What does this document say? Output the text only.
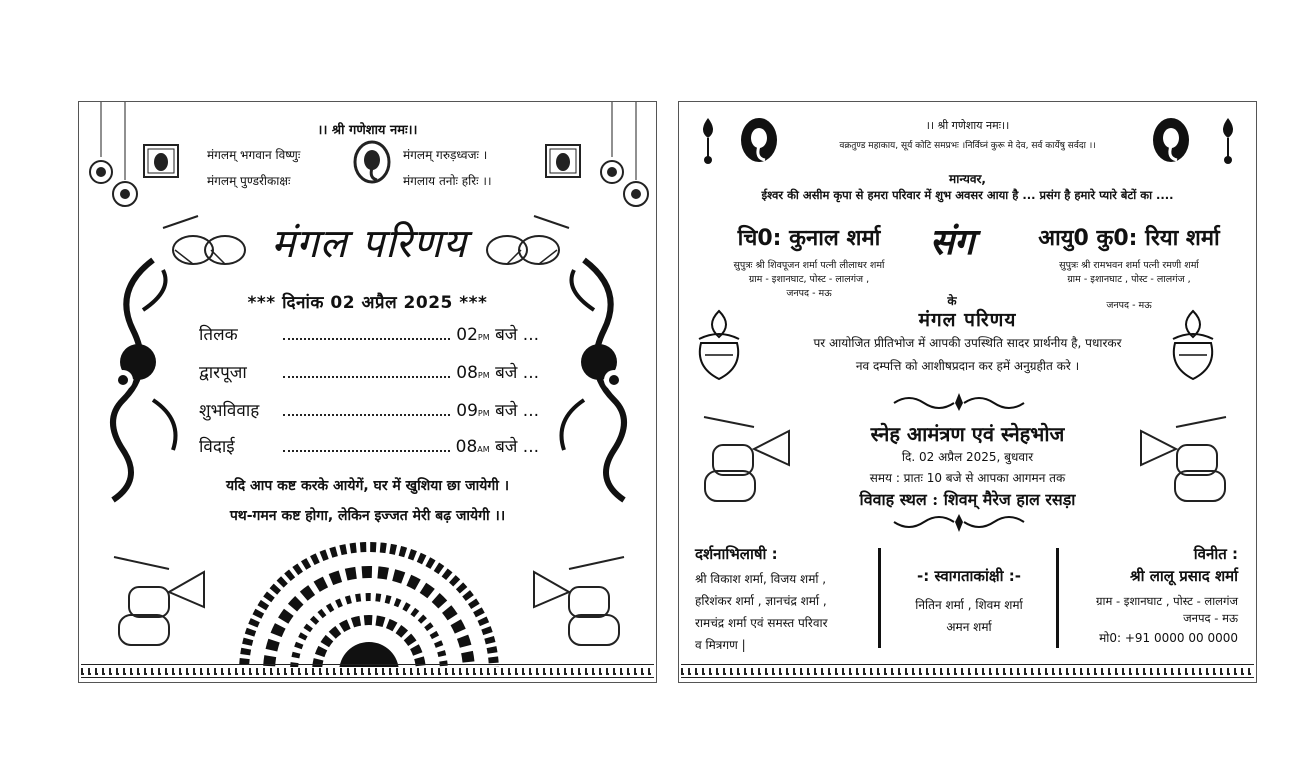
।। श्री गणेशाय नमः।।
मंगलम् भगवान विष्णुः
मंगलम् पुण्डरीकाक्षः
मंगलम् गरुड़ध्वजः ।
मंगलाय तनोः हरिः ।।
मंगल परिणय
*** दिनांक 02 अप्रैल 2025 ***
तिलक	02PM बजे ...
द्वारपूजा	08PM बजे ...
शुभविवाह	09PM बजे ...
विदाई	08AM बजे ...
यदि आप कष्ट करके आयेगें, घर में खुशिया छा जायेगी ।
पथ-गमन कष्ट होगा, लेकिन इज्जत मेरी बढ़ जायेगी ।।
।। श्री गणेशाय नमः।।
वक्रतुण्ड महाकाय, सूर्य कोटि समप्रभः ।निर्विघ्नं कुरू मे देव, सर्व कार्येषु सर्वदा ।।
मान्यवर,
ईश्वर की असीम कृपा से हमरा परिवार में शुभ अवसर आया है ... प्रसंग है हमारे प्यारे बेटों का ....
चि0: कुनाल शर्मा
सुपुत्रः श्री शिवपूजन शर्मा पत्नी लीलाधर शर्मा
ग्राम - इशानघाट, पोस्ट - लालगंज ,
जनपद - मऊ
संग
के
आयु0 कु0: रिया शर्मा
सुपुत्रः श्री रामभवन शर्मा पत्नी रमणी शर्मा
ग्राम - इशानघाट , पोस्ट - लालगंज ,
जनपद - मऊ
मंगल परिणय
पर आयोजित प्रीतिभोज में आपकी उपस्थिति सादर प्रार्थनीय है, पधारकर
नव दम्पत्ति को आशीषप्रदान कर हमें अनुग्रहीत करे ।
स्नेह आमंत्रण एवं स्नेहभोज
दि. 02 अप्रैल 2025, बुधवार
समय : प्रातः 10 बजे से आपका आगमन तक
विवाह स्थल : शिवम् मैरेज हाल रसड़ा
दर्शनाभिलाषी :
श्री विकाश शर्मा, विजय शर्मा ,
हरिशंकर शर्मा , ज्ञानचंद्र शर्मा ,
रामचंद्र शर्मा एवं समस्त परिवार
व मित्रगण |
-: स्वागताकांक्षी :-
नितिन शर्मा , शिवम शर्मा
अमन शर्मा
विनीत :
श्री लालू प्रसाद शर्मा
ग्राम - इशानघाट , पोस्ट - लालगंज
जनपद - मऊ
मो0: +91 0000 00 0000
